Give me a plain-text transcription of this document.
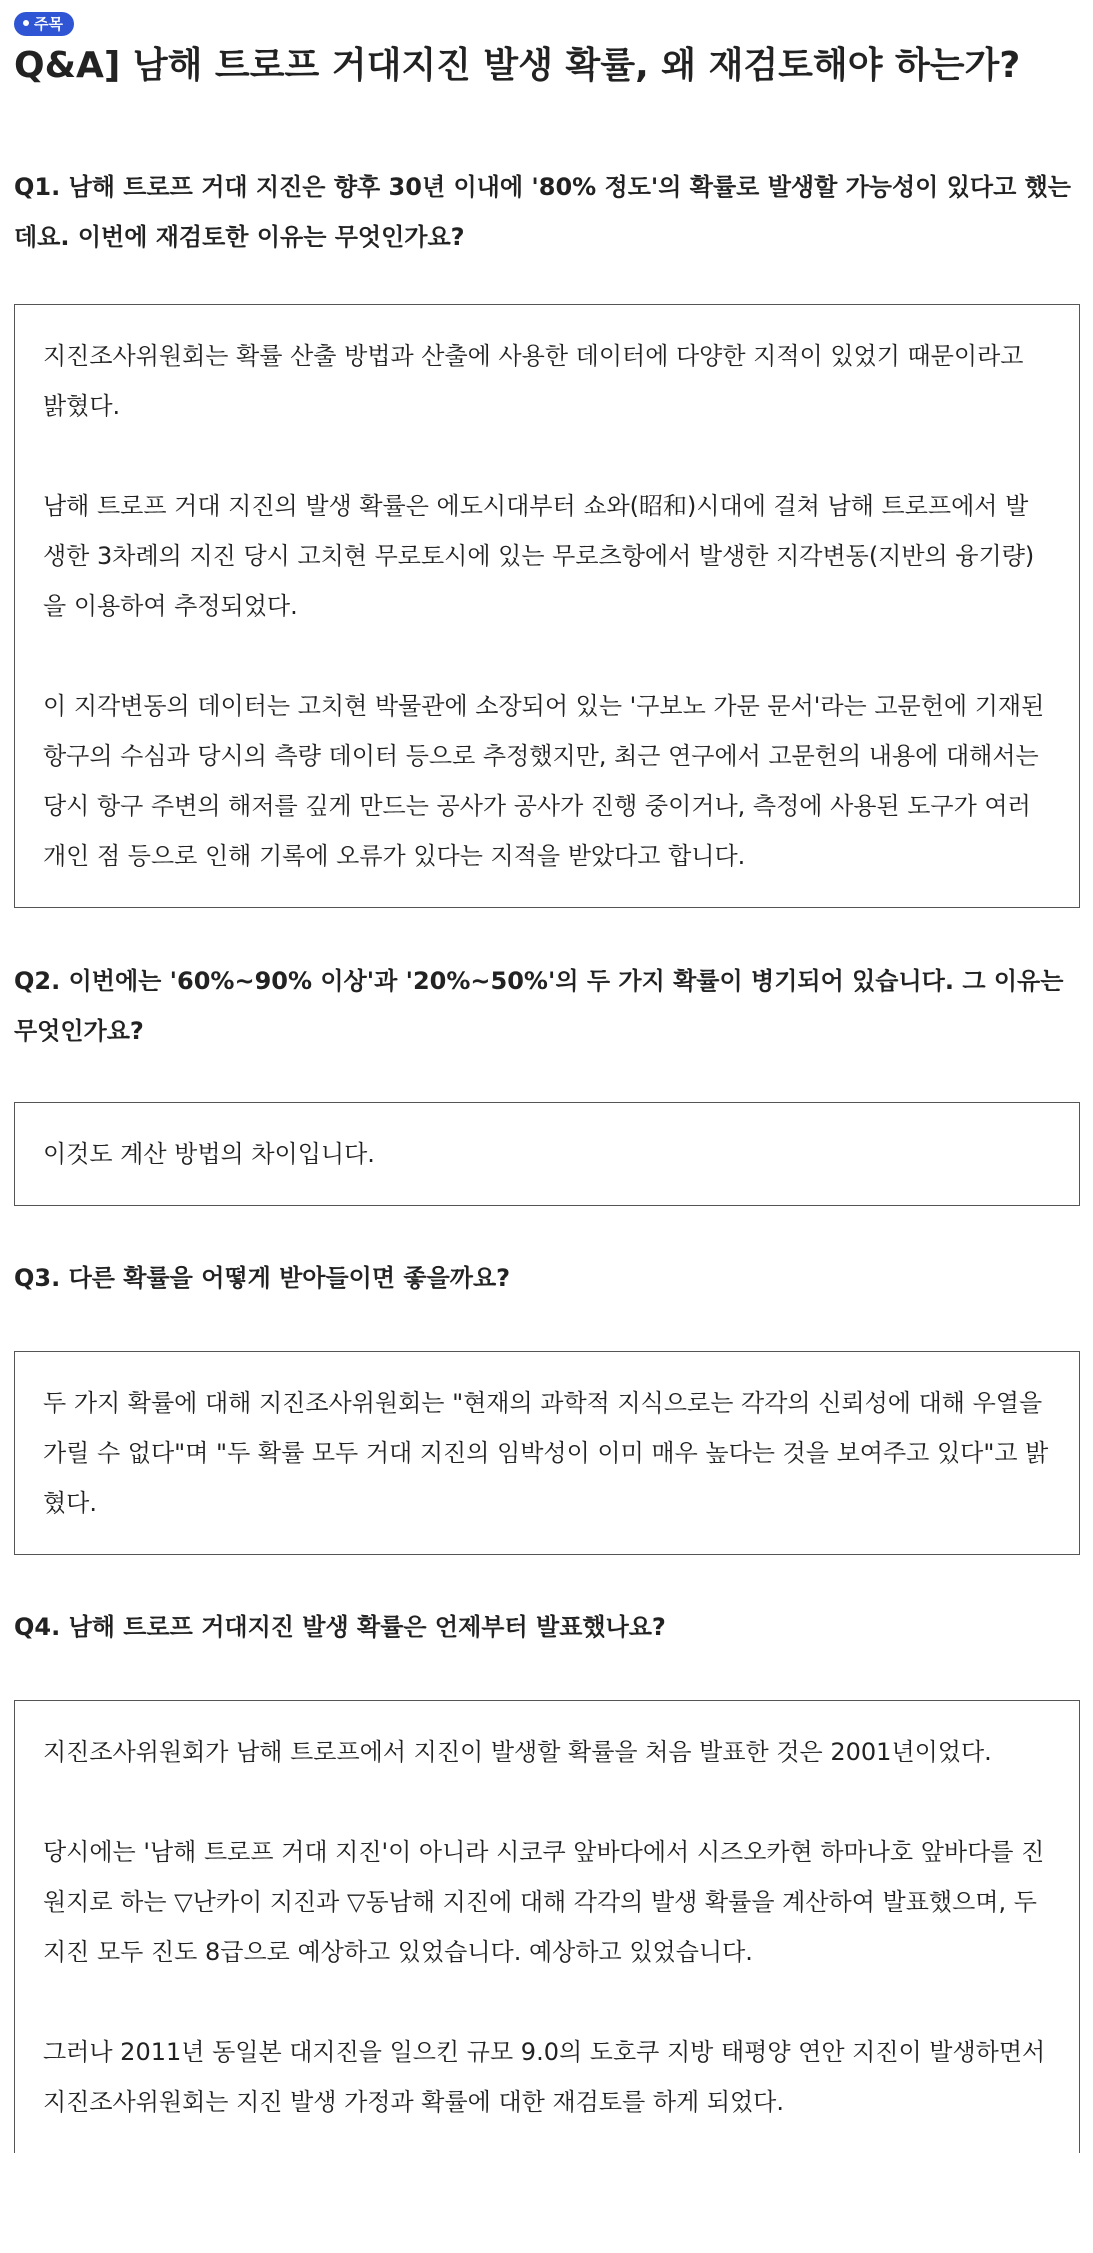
주목
Q&A] 남해 트로프 거대지진 발생 확률, 왜 재검토해야 하는가?
Q1. 남해 트로프 거대 지진은 향후 30년 이내에 '80% 정도'의 확률로 발생할 가능성이 있다고 했는데요. 이번에 재검토한 이유는 무엇인가요?

지진조사위원회는 확률 산출 방법과 산출에 사용한 데이터에 다양한 지적이 있었기 때문이라고 밝혔다.

남해 트로프 거대 지진의 발생 확률은 에도시대부터 쇼와(昭和)시대에 걸쳐 남해 트로프에서 발생한 3차례의 지진 당시 고치현 무로토시에 있는 무로츠항에서 발생한 지각변동(지반의 융기량)을 이용하여 추정되었다.

이 지각변동의 데이터는 고치현 박물관에 소장되어 있는 '구보노 가문 문서'라는 고문헌에 기재된 항구의 수심과 당시의 측량 데이터 등으로 추정했지만, 최근 연구에서 고문헌의 내용에 대해서는 당시 항구 주변의 해저를 깊게 만드는 공사가 공사가 진행 중이거나, 측정에 사용된 도구가 여러 개인 점 등으로 인해 기록에 오류가 있다는 지적을 받았다고 합니다.

Q2. 이번에는 '60%~90% 이상'과 '20%~50%'의 두 가지 확률이 병기되어 있습니다. 그 이유는 무엇인가요?

이것도 계산 방법의 차이입니다.

Q3. 다른 확률을 어떻게 받아들이면 좋을까요?

두 가지 확률에 대해 지진조사위원회는 "현재의 과학적 지식으로는 각각의 신뢰성에 대해 우열을 가릴 수 없다"며 "두 확률 모두 거대 지진의 임박성이 이미 매우 높다는 것을 보여주고 있다"고 밝혔다.

Q4. 남해 트로프 거대지진 발생 확률은 언제부터 발표했나요?

지진조사위원회가 남해 트로프에서 지진이 발생할 확률을 처음 발표한 것은 2001년이었다.

당시에는 '남해 트로프 거대 지진'이 아니라 시코쿠 앞바다에서 시즈오카현 하마나호 앞바다를 진원지로 하는 ▽난카이 지진과 ▽동남해 지진에 대해 각각의 발생 확률을 계산하여 발표했으며, 두 지진 모두 진도 8급으로 예상하고 있었습니다. 예상하고 있었습니다.

그러나 2011년 동일본 대지진을 일으킨 규모 9.0의 도호쿠 지방 태평양 연안 지진이 발생하면서 지진조사위원회는 지진 발생 가정과 확률에 대한 재검토를 하게 되었다.
